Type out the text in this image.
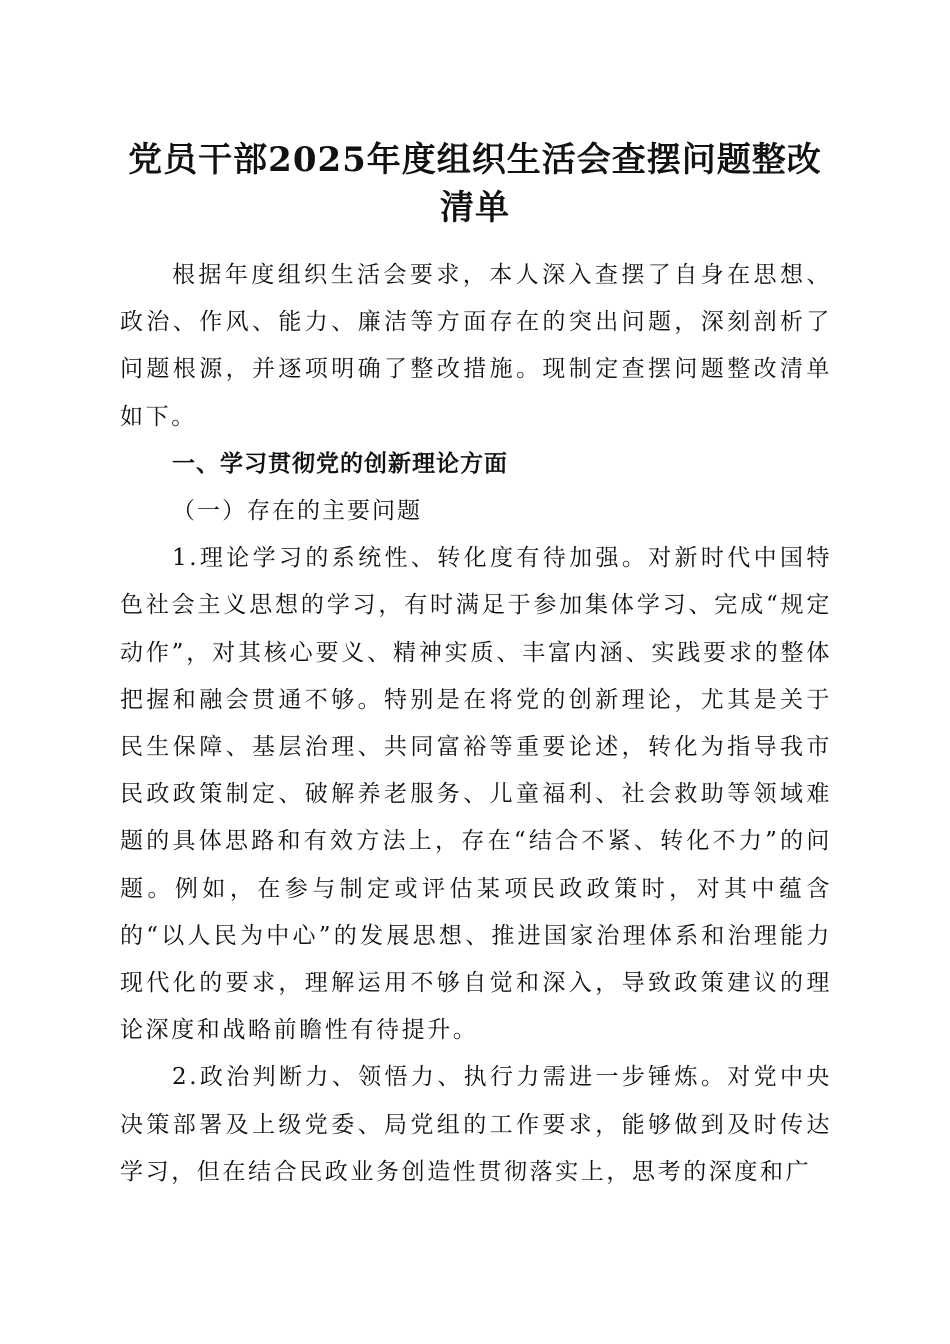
党员干部2025年度组织生活会查摆问题整改
清单

根据年度组织生活会要求，本人深入查摆了自身在思想、政治、作风、能力、廉洁等方面存在的突出问题，深刻剖析了问题根源，并逐项明确了整改措施。现制定查摆问题整改清单如下。

一、学习贯彻党的创新理论方面

（一）存在的主要问题

1.理论学习的系统性、转化度有待加强。对新时代中国特色社会主义思想的学习，有时满足于参加集体学习、完成“规定动作”，对其核心要义、精神实质、丰富内涵、实践要求的整体把握和融会贯通不够。特别是在将党的创新理论，尤其是关于民生保障、基层治理、共同富裕等重要论述，转化为指导我市民政政策制定、破解养老服务、儿童福利、社会救助等领域难题的具体思路和有效方法上，存在“结合不紧、转化不力”的问题。例如，在参与制定或评估某项民政政策时，对其中蕴含的“以人民为中心”的发展思想、推进国家治理体系和治理能力现代化的要求，理解运用不够自觉和深入，导致政策建议的理论深度和战略前瞻性有待提升。

2.政治判断力、领悟力、执行力需进一步锤炼。对党中央决策部署及上级党委、局党组的工作要求，能够做到及时传达学习，但在结合民政业务创造性贯彻落实上，思考的深度和广
